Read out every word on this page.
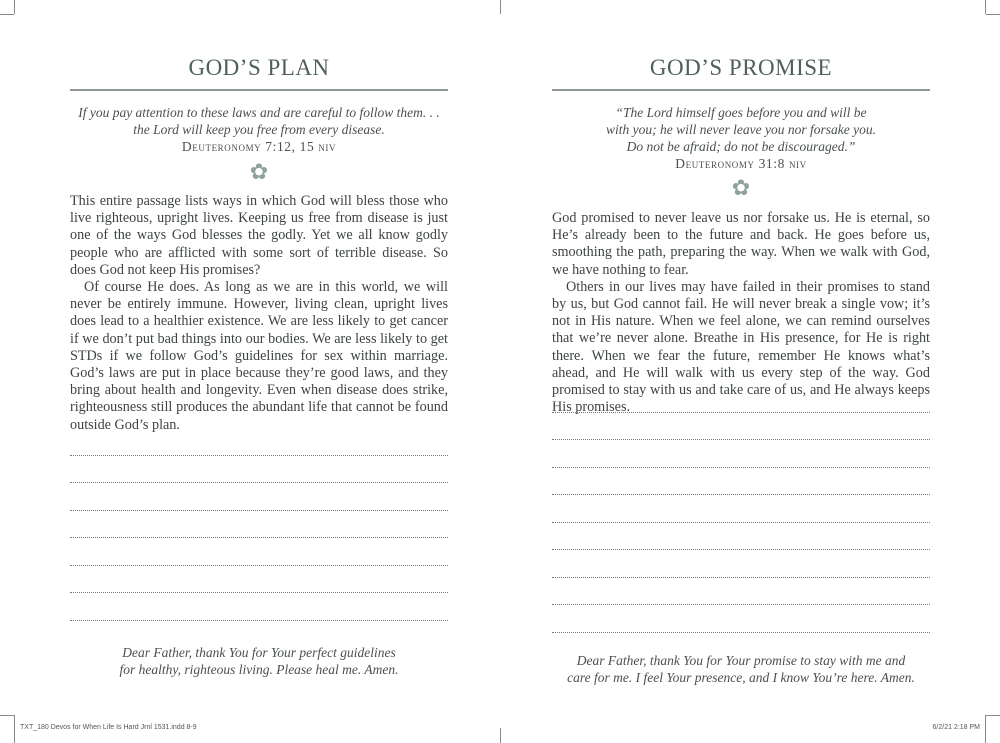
GOD’S PLAN
If you pay attention to these laws and are careful to follow them. . .
the Lord will keep you free from every disease.
Deuteronomy 7:12, 15 niv
✿

This entire passage lists ways in which God will bless those who live righteous, upright lives. Keeping us free from disease is just one of the ways God blesses the godly. Yet we all know godly people who are afflicted with some sort of terrible disease. So does God not keep His promises?

Of course He does. As long as we are in this world, we will never be entirely immune. However, living clean, upright lives does lead to a healthier existence. We are less likely to get cancer if we don’t put bad things into our bodies. We are less likely to get STDs if we follow God’s guidelines for sex within marriage. God’s laws are put in place because they’re good laws, and they bring about health and longevity. Even when disease does strike, righteousness still produces the abundant life that cannot be found outside God’s plan.

Dear Father, thank You for Your perfect guidelines
for healthy, righteous living. Please heal me. Amen.
GOD’S PROMISE
“The Lord himself goes before you and will be
with you; he will never leave you nor forsake you.
Do not be afraid; do not be discouraged.”
Deuteronomy 31:8 niv
✿

God promised to never leave us nor forsake us. He is eternal, so He’s already been to the future and back. He goes before us, smoothing the path, preparing the way. When we walk with God, we have nothing to fear.

Others in our lives may have failed in their promises to stand by us, but God cannot fail. He will never break a single vow; it’s not in His nature. When we feel alone, we can remind ourselves that we’re never alone. Breathe in His presence, for He is right there. When we fear the future, remember He knows what’s ahead, and He will walk with us every step of the way. God promised to stay with us and take care of us, and He always keeps His promises.

Dear Father, thank You for Your promise to stay with me and
care for me. I feel Your presence, and I know You’re here. Amen.
TXT_180 Devos for When Life Is Hard Jrnl 1531.indd 8-9	6/2/21 2:18 PM
